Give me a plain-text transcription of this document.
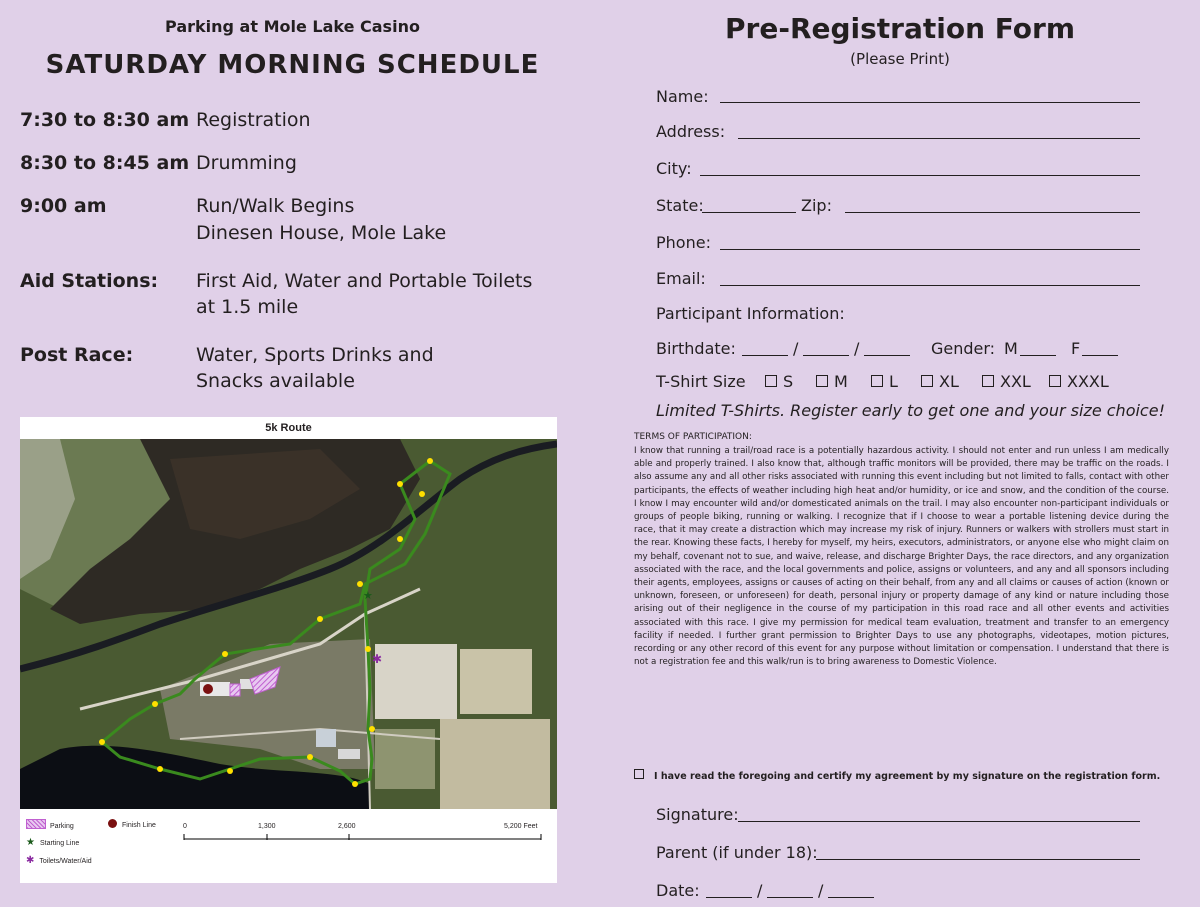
Parking at Mole Lake Casino
SATURDAY MORNING SCHEDULE
7:30 to 8:30 am Registration
8:30 to 8:45 am Drumming
9:00 am	Run/Walk Begins
Dinesen House, Mole Lake
Aid Stations: First Aid, Water and Portable Toilets
at 1.5 mile
Post Race:	Water, Sports Drinks and
Snacks available
5k Route
✱
★
Parking	Finish Line
★ Starting Line
✱ Toilets/Water/Aid
0	1,300	2,600	5,200 Feet
Pre-Registration Form
(Please Print)
Name:
Address:
City:
State:	Zip:
Phone:
Email:
Participant Information:
Birthdate:	/	/	Gender: M	F
T-Shirt Size	S	M	L	XL	XXL	XXXL
Limited T-Shirts. Register early to get one and your size choice!
TERMS OF PARTICIPATION:
I know that running a trail/road race is a potentially hazardous activity. I should not enter and run unless I am medically able and properly trained. I also know that, although traffic monitors will be provided, there may be traffic on the roads. I also assume any and all other risks associated with running this event including but not limited to falls, contact with other participants, the effects of weather including high heat and/or humidity, or ice and snow, and the condition of the course. I know I may encounter wild and/or domesticated animals on the trail. I may also encounter non-participant individuals or groups of people biking, running or walking. I recognize that if I choose to wear a portable listening device during the race, that it may create a distraction which may increase my risk of injury. Runners or walkers with strollers must start in the rear. Knowing these facts, I hereby for myself, my heirs, executors, administrators, or anyone else who might claim on my behalf, covenant not to sue, and waive, release, and discharge Brighter Days, the race directors, and any organization associated with the race, and the local governments and police, assigns or volunteers, and any and all sponsors including their agents, employees, assigns or causes of acting on their behalf, from any and all claims or causes of action (known or unknown, foreseen, or unforeseen) for death, personal injury or property damage of any kind or nature including those arising out of their negligence in the course of my participation in this road race and all other events and activities associated with this race. I give my permission for medical team evaluation, treatment and transfer to an emergency facility if needed. I further grant permission to Brighter Days to use any photographs, videotapes, motion pictures, recording or any other record of this event for any purpose without limitation or compensation. I understand that there is not a registration fee and this walk/run is to bring awareness to Domestic Violence.
I have read the foregoing and certify my agreement by my signature on the registration form.
Signature:
Parent (if under 18):
Date:	/	/
